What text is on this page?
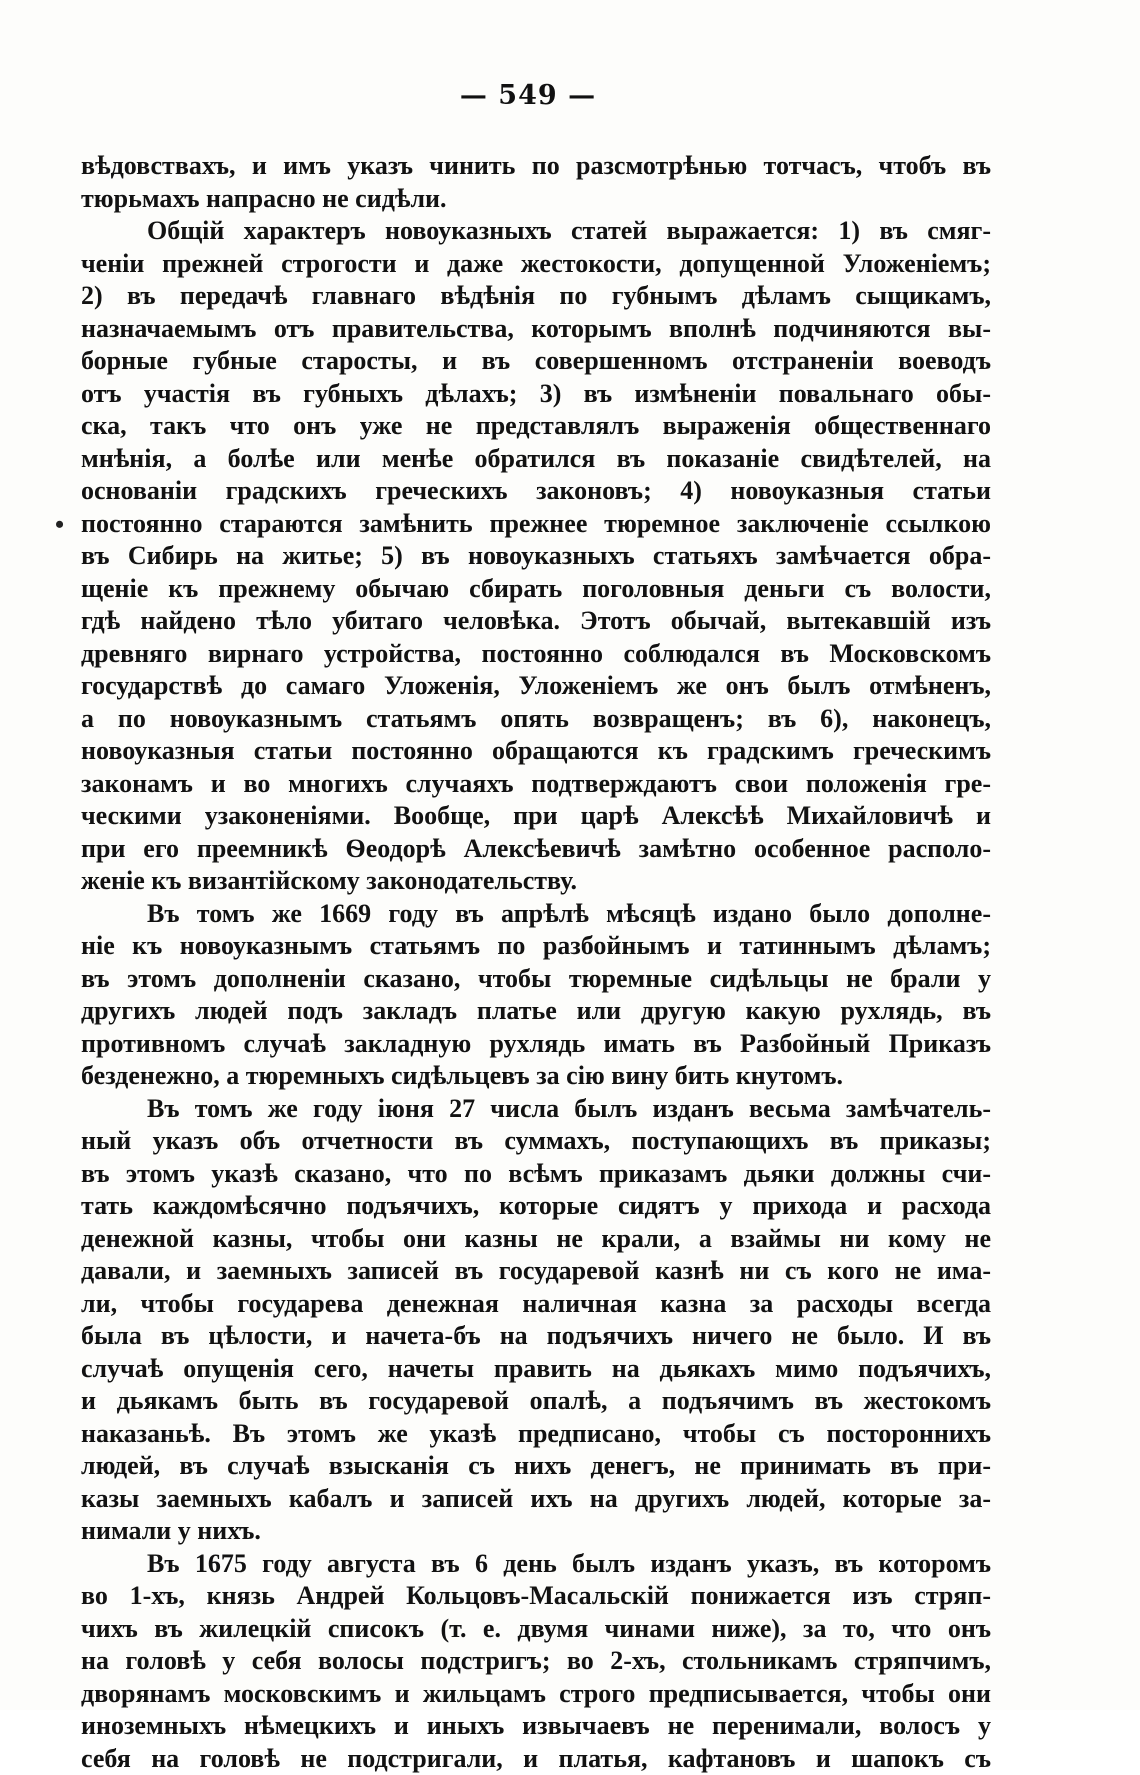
— 549 —
•
вѣдовствахъ, и имъ указъ чинить по разсмотрѣнью тотчасъ, чтобъ въ
тюрьмахъ напрасно не сидѣли.
Общій характеръ новоуказныхъ статей выражается: 1) въ смяг-
ченіи прежней строгости и даже жестокости, допущенной Уложеніемъ;
2) въ передачѣ главнаго вѣдѣнія по губнымъ дѣламъ сыщикамъ,
назначаемымъ отъ правительства, которымъ вполнѣ подчиняются вы-
борные губные старосты, и въ совершенномъ отстраненіи воеводъ
отъ участія въ губныхъ дѣлахъ; 3) въ измѣненіи повальнаго обы-
ска, такъ что онъ уже не представлялъ выраженія общественнаго
мнѣнія, а болѣе или менѣе обратился въ показаніе свидѣтелей, на
основаніи градскихъ греческихъ законовъ; 4) новоуказныя статьи
постоянно стараются замѣнить прежнее тюремное заключеніе ссылкою
въ Сибирь на житье; 5) въ новоуказныхъ статьяхъ замѣчается обра-
щеніе къ прежнему обычаю сбирать поголовныя деньги съ волости,
гдѣ найдено тѣло убитаго человѣка. Этотъ обычай, вытекавшій изъ
древняго вирнаго устройства, постоянно соблюдался въ Московскомъ
государствѣ до самаго Уложенія, Уложеніемъ же онъ былъ отмѣненъ,
а по новоуказнымъ статьямъ опять возвращенъ; въ 6), наконецъ,
новоуказныя статьи постоянно обращаются къ градскимъ греческимъ
законамъ и во многихъ случаяхъ подтверждаютъ свои положенія гре-
ческими узаконеніями. Вообще, при царѣ Алексѣѣ Михайловичѣ и
при его преемникѣ Ѳеодорѣ Алексѣевичѣ замѣтно особенное располо-
женіе къ византійскому законодательству.
Въ томъ же 1669 году въ апрѣлѣ мѣсяцѣ издано было дополне-
ніе къ новоуказнымъ статьямъ по разбойнымъ и татиннымъ дѣламъ;
въ этомъ дополненіи сказано, чтобы тюремные сидѣльцы не брали у
другихъ людей подъ закладъ платье или другую какую рухлядь, въ
противномъ случаѣ закладную рухлядь имать въ Разбойный Приказъ
безденежно, а тюремныхъ сидѣльцевъ за сію вину бить кнутомъ.
Въ томъ же году іюня 27 числа былъ изданъ весьма замѣчатель-
ный указъ объ отчетности въ суммахъ, поступающихъ въ приказы;
въ этомъ указѣ сказано, что по всѣмъ приказамъ дьяки должны счи-
тать каждомѣсячно подъячихъ, которые сидятъ у прихода и расхода
денежной казны, чтобы они казны не крали, а взаймы ни кому не
давали, и заемныхъ записей въ государевой казнѣ ни съ кого не има-
ли, чтобы государева денежная наличная казна за расходы всегда
была въ цѣлости, и начета-бъ на подъячихъ ничего не было. И въ
случаѣ опущенія сего, начеты править на дьякахъ мимо подъячихъ,
и дьякамъ быть въ государевой опалѣ, а подъячимъ въ жестокомъ
наказаньѣ. Въ этомъ же указѣ предписано, чтобы съ постороннихъ
людей, въ случаѣ взысканія съ нихъ денегъ, не принимать въ при-
казы заемныхъ кабалъ и записей ихъ на другихъ людей, которые за-
нимали у нихъ.
Въ 1675 году августа въ 6 день былъ изданъ указъ, въ которомъ
во 1-хъ, князь Андрей Кольцовъ-Масальскій понижается изъ стряп-
чихъ въ жилецкій списокъ (т. е. двумя чинами ниже), за то, что онъ
на головѣ у себя волосы подстригъ; во 2-хъ, стольникамъ стряпчимъ,
дворянамъ московскимъ и жильцамъ строго предписывается, чтобы они
иноземныхъ нѣмецкихъ и иныхъ извычаевъ не перенимали, волосъ у
себя на головѣ не подстригали, и платья, кафтановъ и шапокъ съ
